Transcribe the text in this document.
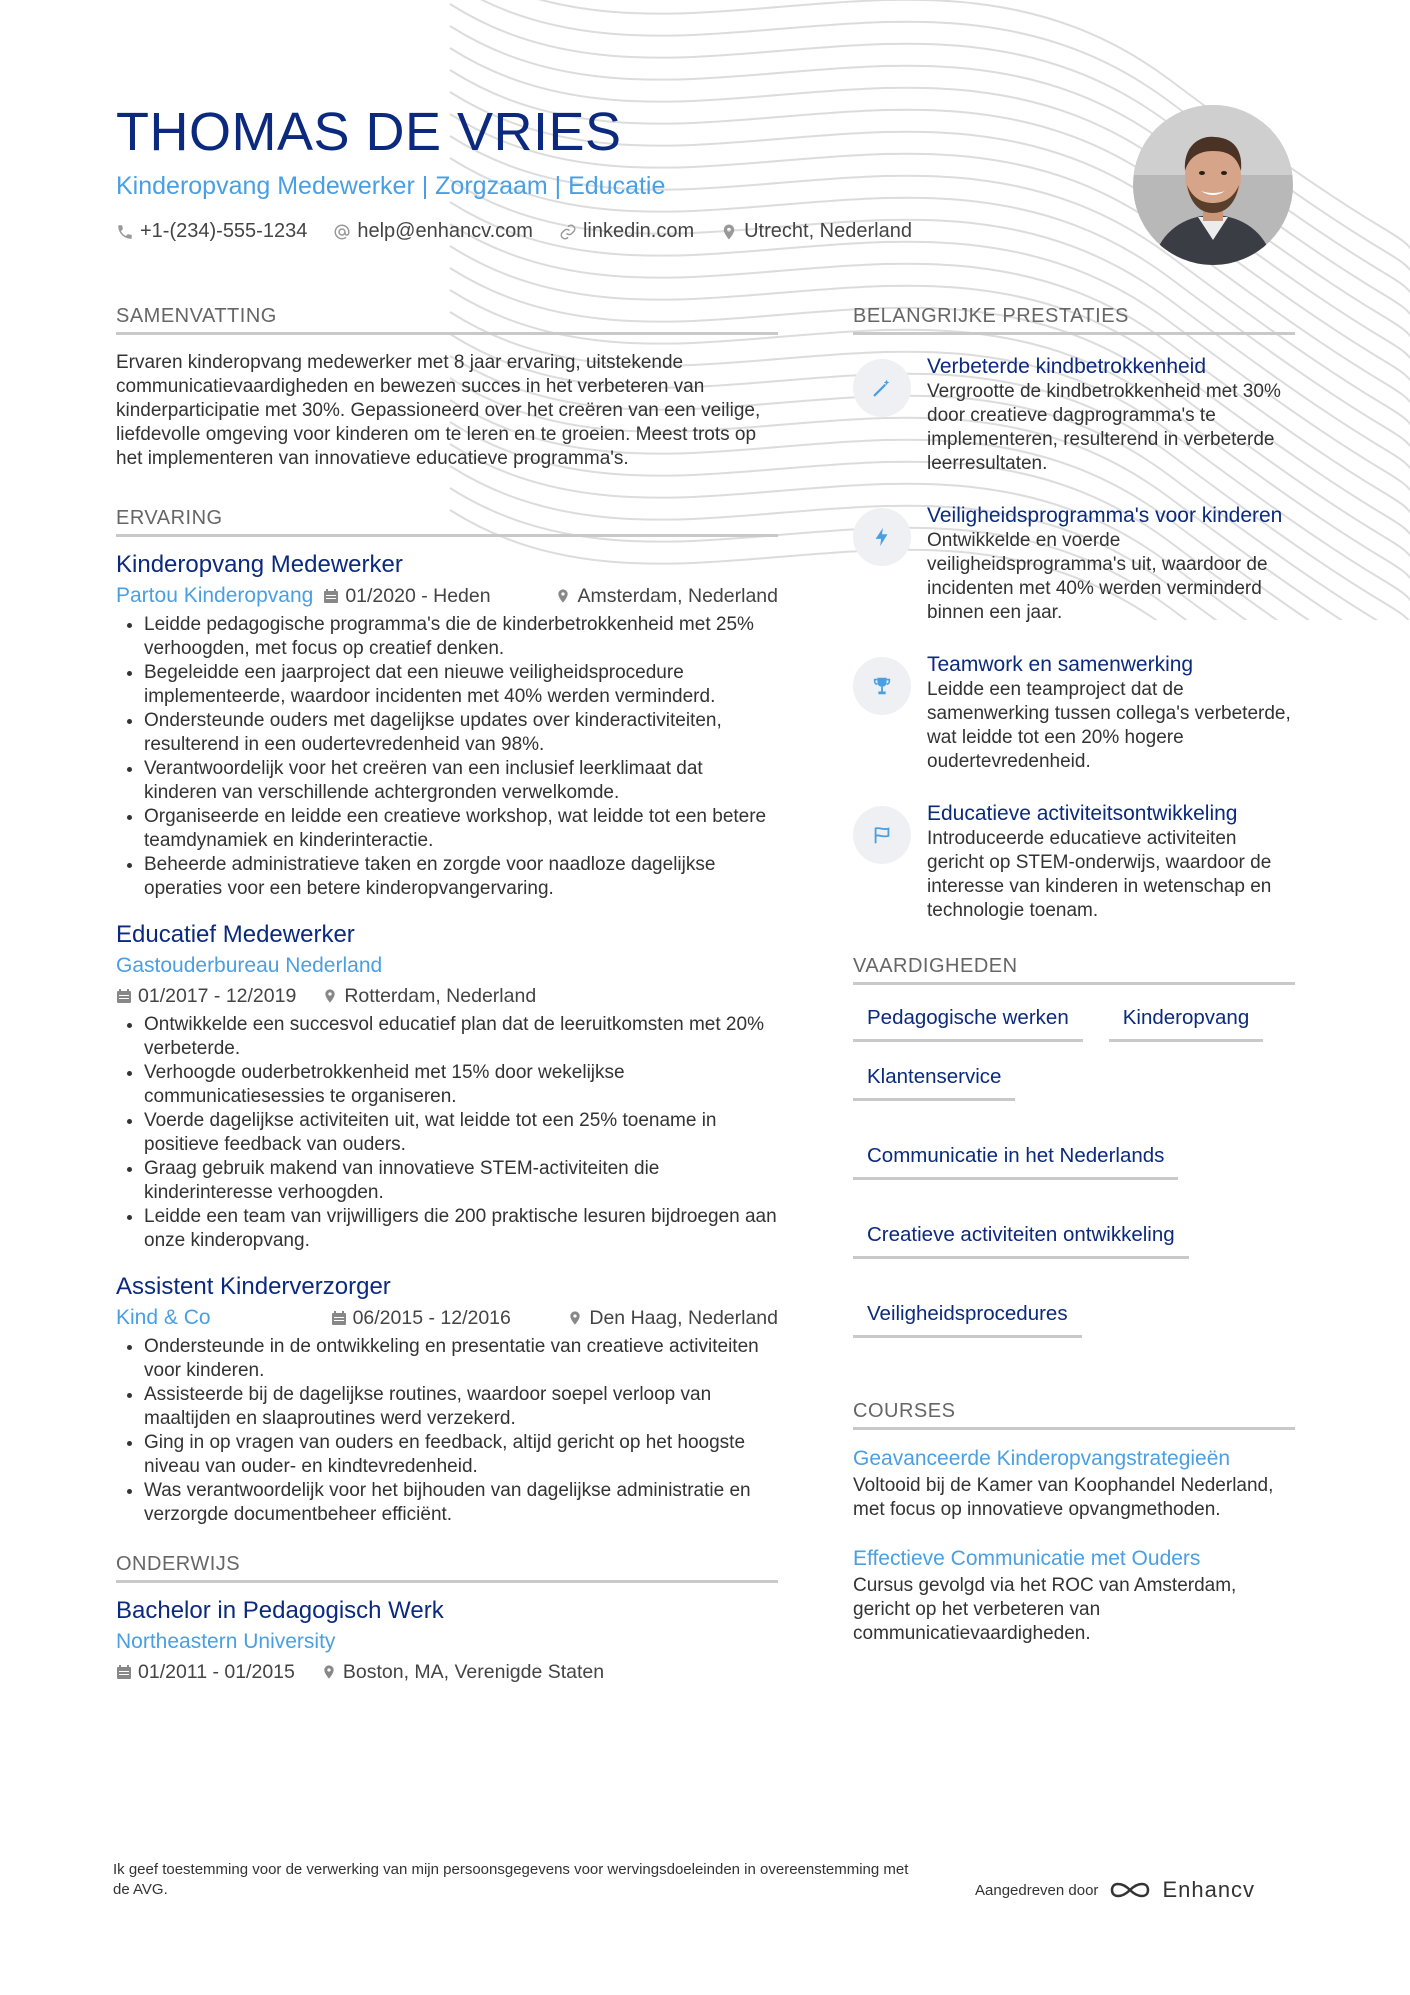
THOMAS DE VRIES
Kinderopvang Medewerker | Zorgzaam | Educatie
+1-(234)-555-1234	help@enhancv.com	linkedin.com	Utrecht, Nederland
SAMENVATTING

Ervaren kinderopvang medewerker met 8 jaar ervaring, uitstekende communicatievaardigheden en bewezen succes in het verbeteren van kinderparticipatie met 30%. Gepassioneerd over het creëren van een veilige, liefdevolle omgeving voor kinderen om te leren en te groeien. Meest trots op het implementeren van innovatieve educatieve programma's.

ERVARING
Kinderopvang Medewerker
Partou Kinderopvang 01/2020 - Heden	Amsterdam, Nederland
• Leidde pedagogische programma's die de kinderbetrokkenheid met 25% verhoogden, met focus op creatief denken.
• Begeleidde een jaarproject dat een nieuwe veiligheidsprocedure implementeerde, waardoor incidenten met 40% werden verminderd.
• Ondersteunde ouders met dagelijkse updates over kinderactiviteiten, resulterend in een oudertevredenheid van 98%.
• Verantwoordelijk voor het creëren van een inclusief leerklimaat dat kinderen van verschillende achtergronden verwelkomde.
• Organiseerde en leidde een creatieve workshop, wat leidde tot een betere teamdynamiek en kinderinteractie.
• Beheerde administratieve taken en zorgde voor naadloze dagelijkse operaties voor een betere kinderopvangervaring.
Educatief Medewerker
Gastouderbureau Nederland
01/2017 - 12/2019 Rotterdam, Nederland
• Ontwikkelde een succesvol educatief plan dat de leeruitkomsten met 20% verbeterde.
• Verhoogde ouderbetrokkenheid met 15% door wekelijkse communicatiesessies te organiseren.
• Voerde dagelijkse activiteiten uit, wat leidde tot een 25% toename in positieve feedback van ouders.
• Graag gebruik makend van innovatieve STEM-activiteiten die kinderinteresse verhoogden.
• Leidde een team van vrijwilligers die 200 praktische lesuren bijdroegen aan onze kinderopvang.
Assistent Kinderverzorger
Kind & Co	06/2015 - 12/2016	Den Haag, Nederland
• Ondersteunde in de ontwikkeling en presentatie van creatieve activiteiten voor kinderen.
• Assisteerde bij de dagelijkse routines, waardoor soepel verloop van maaltijden en slaaproutines werd verzekerd.
• Ging in op vragen van ouders en feedback, altijd gericht op het hoogste niveau van ouder- en kindtevredenheid.
• Was verantwoordelijk voor het bijhouden van dagelijkse administratie en verzorgde documentbeheer efficiënt.
ONDERWIJS
Bachelor in Pedagogisch Werk
Northeastern University
01/2011 - 01/2015 Boston, MA, Verenigde Staten
BELANGRIJKE PRESTATIES
Verbeterde kindbetrokkenheid
Vergrootte de kindbetrokkenheid met 30% door creatieve dagprogramma's te implementeren, resulterend in verbeterde leerresultaten.
Veiligheidsprogramma's voor kinderen
Ontwikkelde en voerde veiligheidsprogramma's uit, waardoor de incidenten met 40% werden verminderd binnen een jaar.
Teamwork en samenwerking
Leidde een teamproject dat de samenwerking tussen collega's verbeterde, wat leidde tot een 20% hogere oudertevredenheid.
Educatieve activiteitsontwikkeling
Introduceerde educatieve activiteiten gericht op STEM-onderwijs, waardoor de interesse van kinderen in wetenschap en technologie toenam.
VAARDIGHEDEN
Pedagogische werken	Kinderopvang
Klantenservice
Communicatie in het Nederlands
Creatieve activiteiten ontwikkeling
Veiligheidsprocedures
COURSES
Geavanceerde Kinderopvangstrategieën
Voltooid bij de Kamer van Koophandel Nederland, met focus op innovatieve opvangmethoden.
Effectieve Communicatie met Ouders
Cursus gevolgd via het ROC van Amsterdam, gericht op het verbeteren van communicatievaardigheden.
Ik geef toestemming voor de verwerking van mijn persoonsgegevens voor wervingsdoeleinden in overeenstemming met de AVG.	Aangedreven door	Enhancv
